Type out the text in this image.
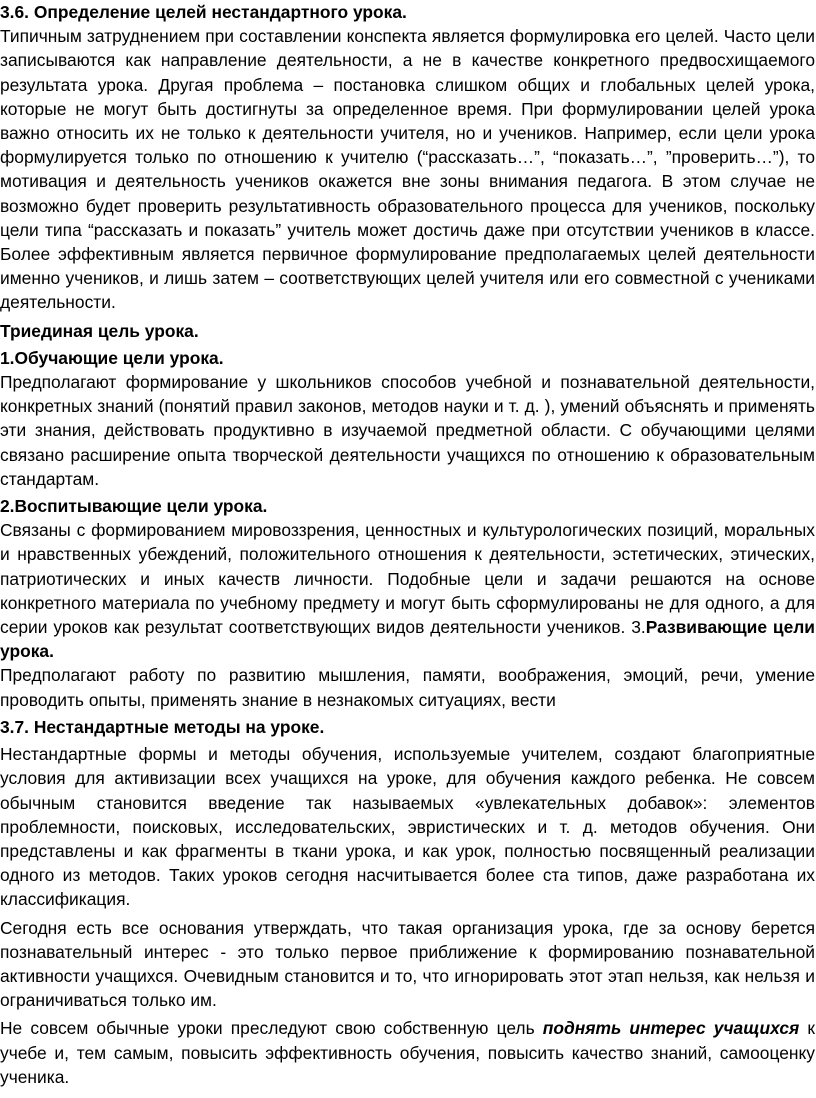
3.6. Определение целей нестандартного урока.

Типичным затруднением при составлении конспекта является формулировка его целей. Часто цели записываются как направление деятельности, а не в качестве конкретного предвосхищаемого результата урока. Другая проблема – постановка слишком общих и глобальных целей урока, которые не могут быть достигнуты за определенное время. При формулировании целей урока важно относить их не только к деятельности учителя, но и учеников. Например, если цели урока формулируется только по отношению к учителю (“рассказать…”, “показать…”, ”проверить…”), то мотивация и деятельность учеников окажется вне зоны внимания педагога. В этом случае не возможно будет проверить результативность образовательного процесса для учеников, поскольку цели типа “рассказать и показать” учитель может достичь даже при отсутствии учеников в классе. Более эффективным является первичное формулирование предполагаемых целей деятельности именно учеников, и лишь затем – соответствующих целей учителя или его совместной с учениками деятельности.

Триединая цель урока.

1.Обучающие цели урока.

Предполагают формирование у школьников способов учебной и познавательной деятельности, конкретных знаний (понятий правил законов, методов науки и т. д. ), умений объяснять и применять эти знания, действовать продуктивно в изучаемой предметной области. С обучающими целями связано расширение опыта творческой деятельности учащихся по отношению к образовательным стандартам.

2.Воспитывающие цели урока.

Связаны с формированием мировоззрения, ценностных и культурологических позиций, моральных и нравственных убеждений, положительного отношения к деятельности, эстетических, этических, патриотических и иных качеств личности. Подобные цели и задачи решаются на основе конкретного материала по учебному предмету и могут быть сформулированы не для одного, а для серии уроков как результат соответствующих видов деятельности учеников. 3.Развивающие цели урока.

Предполагают работу по развитию мышления, памяти, воображения, эмоций, речи, умение проводить опыты, применять знание в незнакомых ситуациях, вести

3.7. Нестандартные методы на уроке.

Нестандартные формы и методы обучения, используемые учителем, создают благоприятные условия для активизации всех учащихся на уроке, для обучения каждого ребенка. Не совсем обычным становится введение так называемых «увлекательных добавок»: элементов проблемности, поисковых, исследовательских, эвристических и т. д. методов обучения. Они представлены и как фрагменты в ткани урока, и как урок, полностью посвященный реализации одного из методов. Таких уроков сегодня насчитывается более ста типов, даже разработана их классификация.

Сегодня есть все основания утверждать, что такая организация урока, где за основу берется познавательный интерес - это только первое приближение к формированию познавательной активности учащихся. Очевидным становится и то, что игнорировать этот этап нельзя, как нельзя и ограничиваться только им.

Не совсем обычные уроки преследуют свою собственную цель поднять интерес учащихся к учебе и, тем самым, повысить эффективность обучения, повысить качество знаний, самооценку ученика.
